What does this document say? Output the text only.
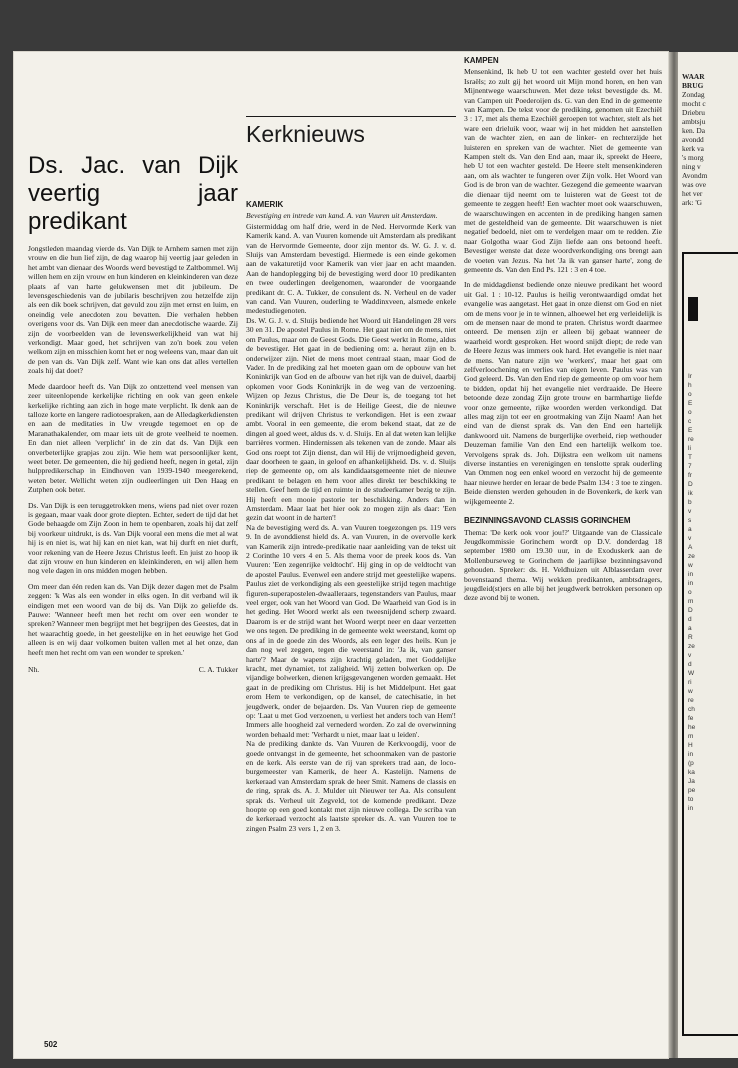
Kerknieuws
Ds. Jac. van Dijk veertig jaar predikant

Jongstleden maandag vierde ds. Van Dijk te Arnhem samen met zijn vrouw en die hun lief zijn, de dag waarop hij veertig jaar geleden in het ambt van dienaar des Woords werd bevestigd te Zaltbommel. Wij willen hem en zijn vrouw en hun kinderen en kleinkinderen van deze plaats af van harte gelukwensen met dit jubileum. De levensgeschiedenis van de jubilaris beschrijven zou hetzelfde zijn als een dik boek schrijven, dat gevuld zou zijn met ernst en luim, en oneindig vele anecdoten zou bevatten. Die verhalen hebben overigens voor ds. Van Dijk een meer dan anecdotische waarde. Zij zijn de voorbeelden van de levenswerkelijkheid van wat hij verkondigt. Maar goed, het schrijven van zo'n boek zou velen welkom zijn en misschien komt het er nog weleens van, maar dan uit de pen van ds. Van Dijk zelf. Want wie kan ons dat alles vertellen zoals hij dat doet?

Mede daardoor heeft ds. Van Dijk zo ontzettend veel mensen van zeer uiteenlopende kerkelijke richting en ook van geen enkele kerkelijke richting aan zich in hoge mate verplicht. Ik denk aan de talloze korte en langere radiotoespraken, aan de Alledagkerkdiensten en aan de meditaties in Uw vreugde tegemoet en op de Maranathakalender, om maar iets uit de grote veelheid te noemen. En dan niet alleen 'verplicht' in de zin dat ds. Van Dijk een onverbeterlijke grapjas zou zijn. Wie hem wat persoonlijker kent, weet beter. De gemeenten, die hij gediend heeft, negen in getal, zijn hulppredikerschap in Eindhoven van 1939-1940 meegerekend, weten beter. Wellicht weten zijn oudleerlingen uit Den Haag en Zutphen ook beter.

Ds. Van Dijk is een teruggetrokken mens, wiens pad niet over rozen is gegaan, maar vaak door grote diepten. Echter, sedert de tijd dat het Gode behaagde om Zijn Zoon in hem te openbaren, zoals hij dat zelf bij voorkeur uitdrukt, is ds. Van Dijk vooral een mens die met al wat hij is en niet is, wat hij kan en niet kan, wat hij durft en niet durft, voor rekening van de Heere Jezus Christus leeft. En juist zo hoop ik dat zijn vrouw en hun kinderen en kleinkinderen, en wij allen hem nog vele dagen in ons midden mogen hebben.

Om meer dan één reden kan ds. Van Dijk dezer dagen met de Psalm zeggen: 'k Was als een wonder in elks ogen. In dit verband wil ik eindigen met een woord van de bij ds. Van Dijk zo geliefde ds. Pauwe: 'Wanneer heeft men het recht om over een wonder te spreken? Wanneer men begrijpt met het begrijpen des Geestes, dat in het waarachtig goede, in het geestelijke en in het eeuwige het God alleen is en wij daar volkomen buiten vallen met al het onze, dan heeft men het recht om van een wonder te spreken.'

Nh.	C. A. Tukker
KAMERIK

Bevestiging en intrede van kand. A. van Vuuren uit Amsterdam.

Gistermiddag om half drie, werd in de Ned. Hervormde Kerk van Kamerik kand. A. van Vuuren komende uit Amsterdam als predikant van de Hervormde Gemeente, door zijn mentor ds. W. G. J. v. d. Sluijs van Amsterdam bevestigd. Hiermede is een einde gekomen aan de vakaturetijd voor Kamerik van vier jaar en acht maanden. Aan de handoplegging bij de bevestiging werd door 10 predikanten en twee ouderlingen deelgenomen, waaronder de voorgaande predikant dr. C. A. Tukker, de consulent ds. N. Verheul en de vader van cand. Van Vuuren, ouderling te Waddinxveen, alsmede enkele medestudiegenoten.

Ds. W. G. J. v. d. Sluijs bediende het Woord uit Handelingen 28 vers 30 en 31. De apostel Paulus in Rome. Het gaat niet om de mens, niet om Paulus, maar om de Geest Gods. Die Geest werkt in Rome, aldus de bevestiger. Het gaat in de bediening om: a. heraut zijn en b. onderwijzer zijn. Niet de mens moet centraal staan, maar God de Vader. In de prediking zal het moeten gaan om de opbouw van het Koninkrijk van God en de afbouw van het rijk van de duivel, daarbij opkomen voor Gods Koninkrijk in de weg van de verzoening. Wijzen op Jezus Christus, die De Deur is, de toegang tot het Koninkrijk verschaft. Het is de Heilige Geest, die de nieuwe predikant wil drijven Christus te verkondigen. Het is een zwaar ambt. Vooral in een gemeente, die erom bekend staat, dat ze de dingen al goed weet, aldus ds. v. d. Sluijs. En al dat weten kan lelijke barrières vormen. Hindernissen als tekenen van de zonde. Maar als God ons roept tot Zijn dienst, dan wil Hij de vrijmoedigheid geven, daar doorheen te gaan, in geloof en afhankelijkheid. Ds. v. d. Sluijs riep de gemeente op, om als kandidaatsgemeente niet de nieuwe predikant te belagen en hem voor alles direkt ter beschikking te stellen. Geef hem de tijd en ruimte in de studeerkamer bezig te zijn. Hij heeft een mooie pastorie ter beschikking. Anders dan in Amsterdam. Maar laat het hier ook zo mogen zijn als daar: 'Een gezin dat woont in de harten'!

Na de bevestiging werd ds. A. van Vuuren toegezongen ps. 119 vers 9. In de avonddienst hield ds. A. van Vuuren, in de overvolle kerk van Kamerik zijn intrede-predikatie naar aanleiding van de tekst uit 2 Corinthe 10 vers 4 en 5. Als thema voor de preek koos ds. Van Vuuren: 'Een zegenrijke veldtocht'. Hij ging in op de veldtocht van de apostel Paulus. Evenwel een andere strijd met geestelijke wapens. Paulus ziet de verkondiging als een geestelijke strijd tegen machtige figuren-superapostelen-dwaalleraars, tegenstanders van Paulus, maar veel erger, ook van het Woord van God. De Waarheid van God is in het geding. Het Woord werkt als een tweesnijdend scherp zwaard. Daarom is er de strijd want het Woord werpt neer en daar verzetten we ons tegen. De prediking in de gemeente wekt weerstand, komt op ons af in de goede zin des Woords, als een leger des heils. Kun je dan nog wel zeggen, tegen die weerstand in: 'Ja ik, van ganser harte'? Maar de wapens zijn krachtig geladen, met Goddelijke kracht, met dynamiet, tot zaligheid. Wij zetten bolwerken op. De vijandige bolwerken, dienen krijgsgevangenen worden gemaakt. Het gaat in de prediking om Christus. Hij is het Middelpunt. Het gaat erom Hem te verkondigen, op de kansel, de catechisatie, in het jeugdwerk, onder de bejaarden. Ds. Van Vuuren riep de gemeente op: 'Laat u met God verzoenen, u verliest het anders toch van Hem'! Immers alle hoogheid zal vernederd worden. Zo zal de overwinning worden behaald met: 'Verhardt u niet, maar laat u leiden'.

Na de prediking dankte ds. Van Vuuren de Kerkvoogdij, voor de goede ontvangst in de gemeente, het schoonmaken van de pastorie en de kerk. Als eerste van de rij van sprekers trad aan, de loco-burgemeester van Kamerik, de heer A. Kastelijn. Namens de kerkeraad van Amsterdam sprak de heer Smit. Namens de classis en de ring, sprak ds. A. J. Mulder uit Nieuwer ter Aa. Als consulent sprak ds. Verheul uit Zegveld, tot de komende predikant. Deze hoopte op een goed kontakt met zijn nieuwe collega. De scriba van de kerkeraad verzocht als laatste spreker ds. A. van Vuuren toe te zingen Psalm 23 vers 1, 2 en 3.

KAMPEN

Mensenkind, Ik heb U tot een wachter gesteld over het huis Israëls; zo zult gij het woord uit Mijn mond horen, en hen van Mijnentwege waarschuwen. Met deze tekst bevestigde ds. M. van Campen uit Poederoijen ds. G. van den End in de gemeente van Kampen. De tekst voor de prediking, genomen uit Ezechiël 3 : 17, met als thema Ezechiël geroepen tot wachter, stelt als het ware een drieluik voor, waar wij in het midden het aanstellen van de wachter zien, en aan de linker- en rechterzijde het luisteren en spreken van de wachter. Niet de gemeente van Kampen stelt ds. Van den End aan, maar ik, spreekt de Heere, heb U tot een wachter gesteld. De Heere stelt mensenkinderen aan, om als wachter te fungeren over Zijn volk. Het Woord van God is de bron van de wachter. Gezegend die gemeente waarvan die dienaar tijd neemt om te luisteren wat de Geest tot de gemeente te zeggen heeft! Een wachter moet ook waarschuwen, de waarschuwingen en accenten in de prediking hangen samen met de gesteldheid van de gemeente. Dit waarschuwen is niet negatief bedoeld, niet om te verdelgen maar om te redden. Zie naar Golgotha waar God Zijn liefde aan ons betoond heeft. Bevestiger wenste dat deze woordverkondiging ons brengt aan de voeten van Jezus. Na het 'Ja ik van ganser harte', zong de gemeente ds. Van den End Ps. 121 : 3 en 4 toe.

In de middagdienst bediende onze nieuwe predikant het woord uit Gal. 1 : 10-12. Paulus is heilig verontwaardigd omdat het evangelie was aangetast. Het gaat in onze dienst om God en niet om de mens voor je in te winnen, alhoewel het erg verleidelijk is om de mensen naar de mond te praten. Christus wordt daarmee onteerd. De mensen zijn er alleen bij gebaat wanneer de waarheid wordt gesproken. Het woord snijdt diept; de rede van de Heere Jezus was immers ook hard. Het evangelie is niet naar de mens. Van nature zijn we 'werkers', maar het gaat om zelfverloochening en verlies van eigen leven. Paulus was van God geleerd. Ds. Van den End riep de gemeente op om voor hem te bidden, opdat hij het evangelie niet verdraaide. De Heere betoonde deze zondag Zijn grote trouw en barmhartige liefde voor onze gemeente, rijke woorden werden verkondigd. Dat alles mag zijn tot eer en grootmaking van Zijn Naam! Aan het eind van de dienst sprak ds. Van den End een hartelijk dankwoord uit. Namens de burgerlijke overheid, riep wethouder Deuzeman familie Van den End een hartelijk welkom toe. Vervolgens sprak ds. Joh. Dijkstra een welkom uit namens diverse instanties en verenigingen en tenslotte sprak ouderling Van Ommen nog een enkel woord en verzocht hij de gemeente haar nieuwe herder en leraar de bede Psalm 134 : 3 toe te zingen. Beide diensten werden gehouden in de Bovenkerk, de kerk van wijkgemeente 2.

BEZINNINGSAVOND CLASSIS GORINCHEM

Thema: 'De kerk ook voor jou!?' Uitgaande van de Classicale Jeugdkommissie Gorinchem wordt op D.V. donderdag 18 september 1980 om 19.30 uur, in de Exoduskerk aan de Mollenburseweg te Gorinchem de jaarlijkse bezinningsavond gehouden. Spreker: ds. H. Veldhuizen uit Alblasserdam over bovenstaand thema. Wij wekken predikanten, ambtsdragers, jeugdleid(st)ers en alle bij het jeugdwerk betrokken personen op deze avond bij te wonen.

502
WAAR
BRUG
Zondag
mocht c
Driebru
ambtsju
ken. Da
avondd
kerk va
's morg
ning v
Avondm
was ove
het ver
ark: 'G
Ir
h
o
E
o
c
E
re
li
T
7
fr
D
ik
b
v
s
a
v
A
ze
w
in
in
o
m
D
d
a
R
ze
v
d
W
ri
w
re
ch
fe
he
m
H
in
(p
ka
Ja
pe
to
in
